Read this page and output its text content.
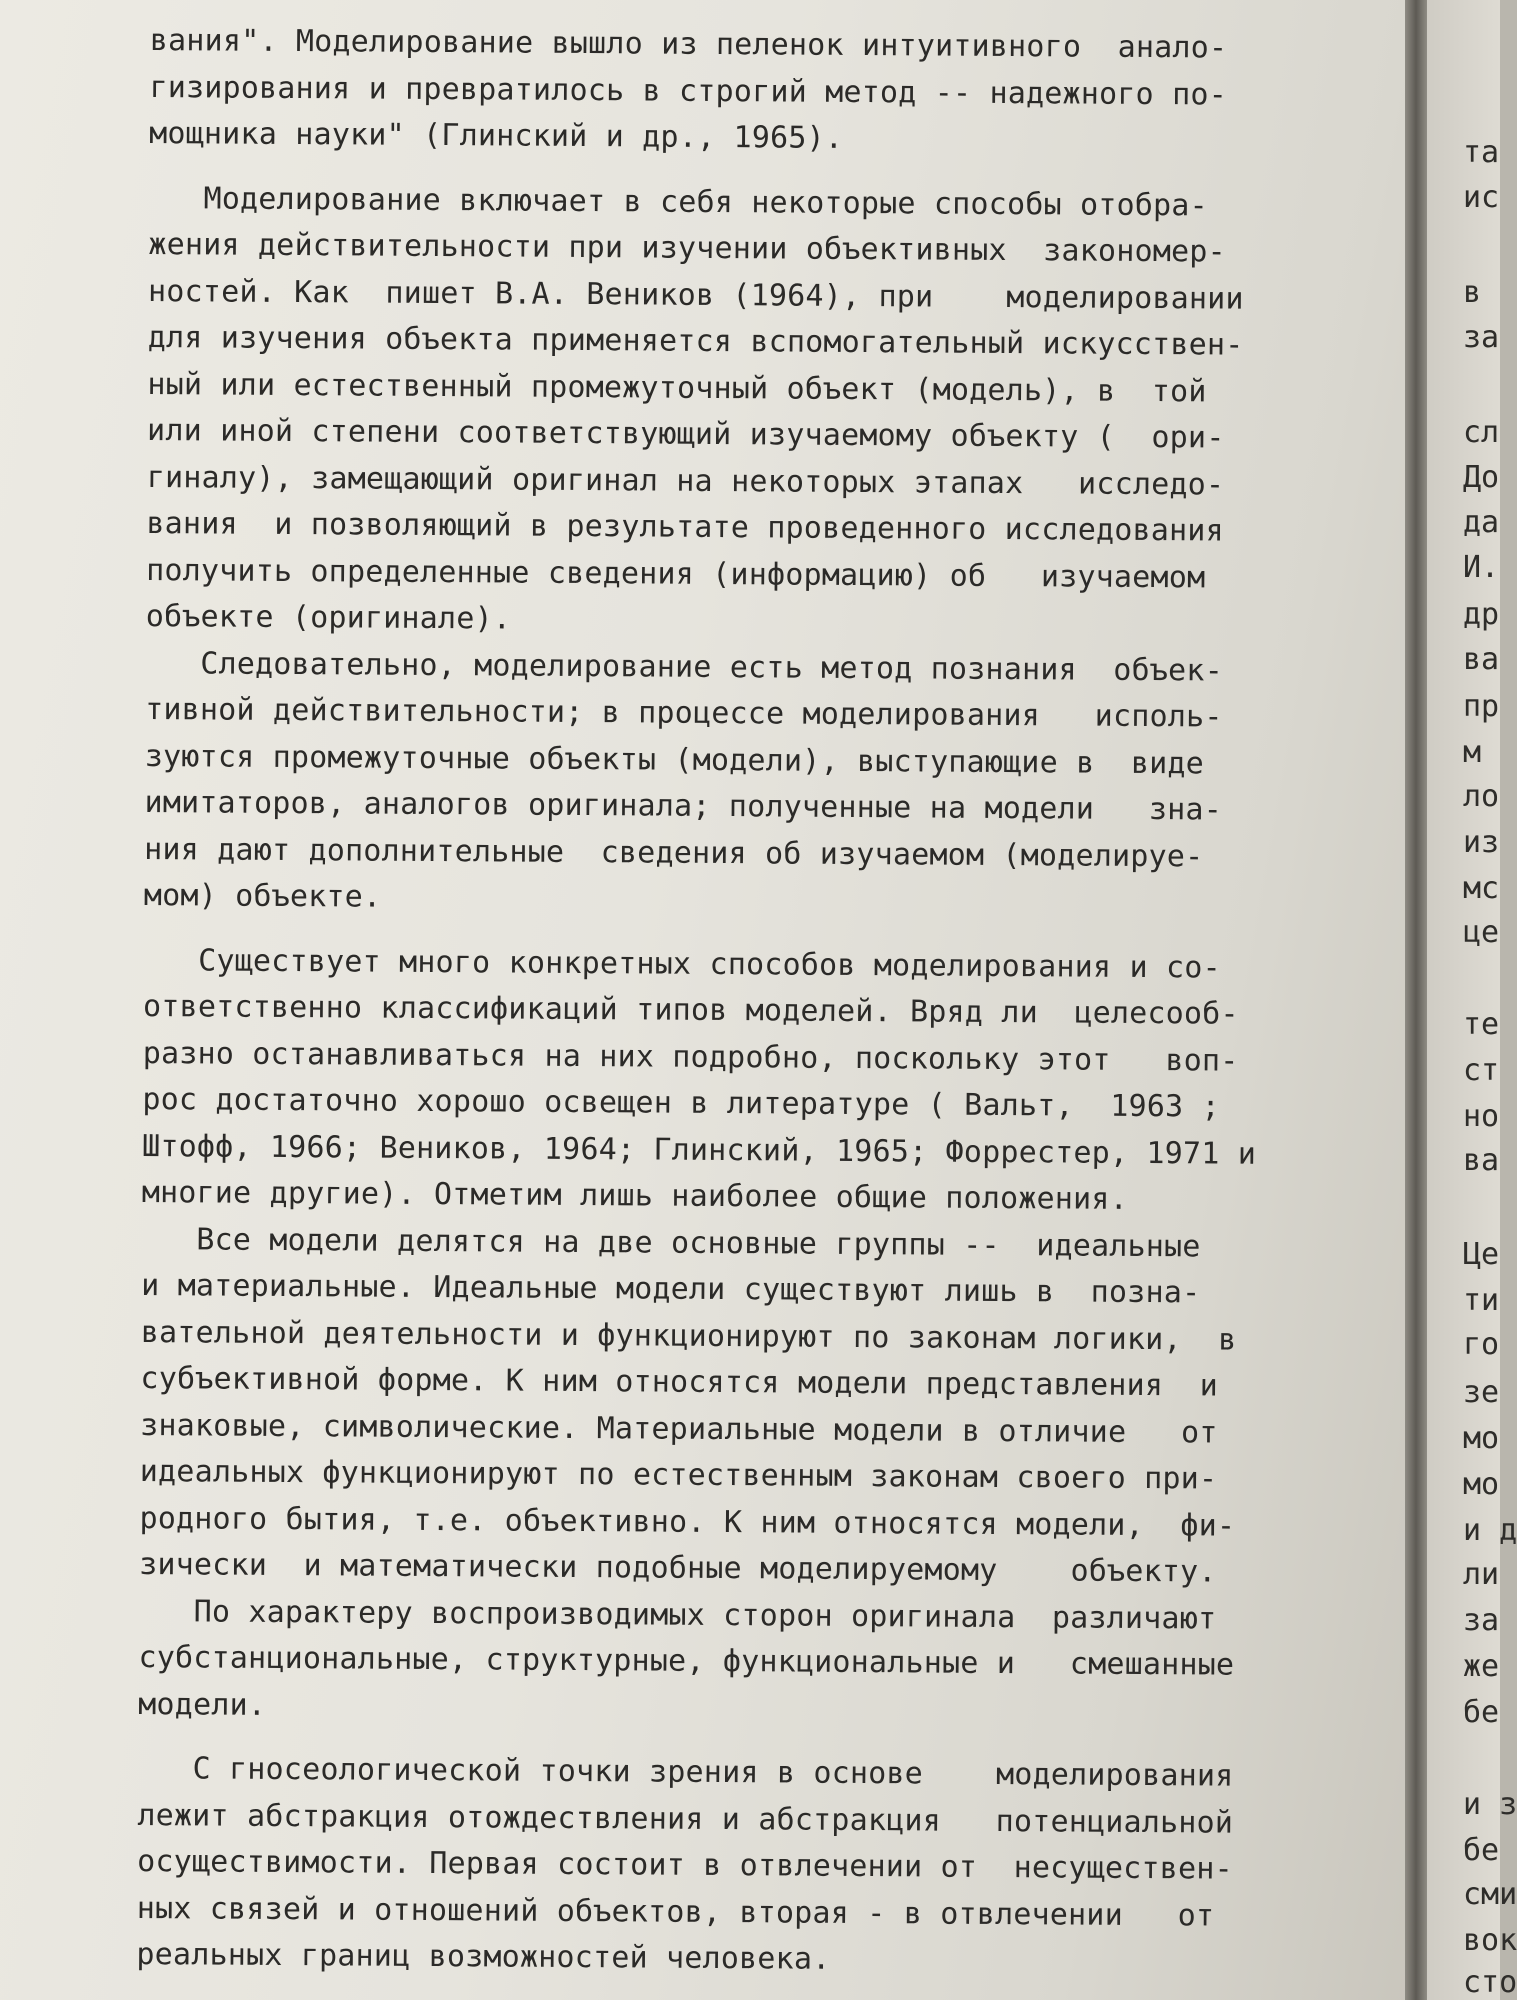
вания". Моделирование вышло из пеленок интуитивного  анало-
гизирования и превратилось в строгий метод -- надежного по-
мощника науки" (Глинский и др., 1965).
Моделирование включает в себя некоторые способы отобра-
жения действительности при изучении объективных  закономер-
ностей. Как  пишет В.А. Веников (1964), при    моделировании
для изучения объекта применяется вспомогательный искусствен-
ный или естественный промежуточный объект (модель), в  той
или иной степени соответствующий изучаемому объекту (  ори-
гиналу), замещающий оригинал на некоторых этапах   исследо-
вания  и позволяющий в результате проведенного исследования
получить определенные сведения (информацию) об   изучаемом
объекте (оригинале).
Следовательно, моделирование есть метод познания  объек-
тивной действительности; в процессе моделирования   исполь-
зуются промежуточные объекты (модели), выступающие в  виде
имитаторов, аналогов оригинала; полученные на модели   зна-
ния дают дополнительные  сведения об изучаемом (моделируе-
мом) объекте.
Существует много конкретных способов моделирования и со-
ответственно классификаций типов моделей. Вряд ли  целесооб-
разно останавливаться на них подробно, поскольку этот   воп-
рос достаточно хорошо освещен в литературе ( Вальт,  1963 ;
Штофф, 1966; Веников, 1964; Глинский, 1965; Форрестер, 1971 и
многие другие). Отметим лишь наиболее общие положения.
Все модели делятся на две основные группы --  идеальные
и материальные. Идеальные модели существуют лишь в  позна-
вательной деятельности и функционируют по законам логики,  в
субъективной форме. К ним относятся модели представления  и
знаковые, символические. Материальные модели в отличие   от
идеальных функционируют по естественным законам своего при-
родного бытия, т.е. объективно. К ним относятся модели,  фи-
зически  и математически подобные моделируемому    объекту.
По характеру воспроизводимых сторон оригинала  различают
субстанциональные, структурные, функциональные и   смешанные
модели.
С гносеологической точки зрения в основе    моделирования
лежит абстракция отождествления и абстракция   потенциальной
осуществимости. Первая состоит в отвлечении от  несуществен-
ных связей и отношений объектов, вторая - в отвлечении   от
реальных границ возможностей человека.
та
ис
в
за
сл
До
да
И.
др
ва
пр
м
ло
из
мс
це
те
ст
но
ва
Це
ти
го
зе
мо
мо
и д
ли
за
же
бе
и з
бе
сми
вок
сто
